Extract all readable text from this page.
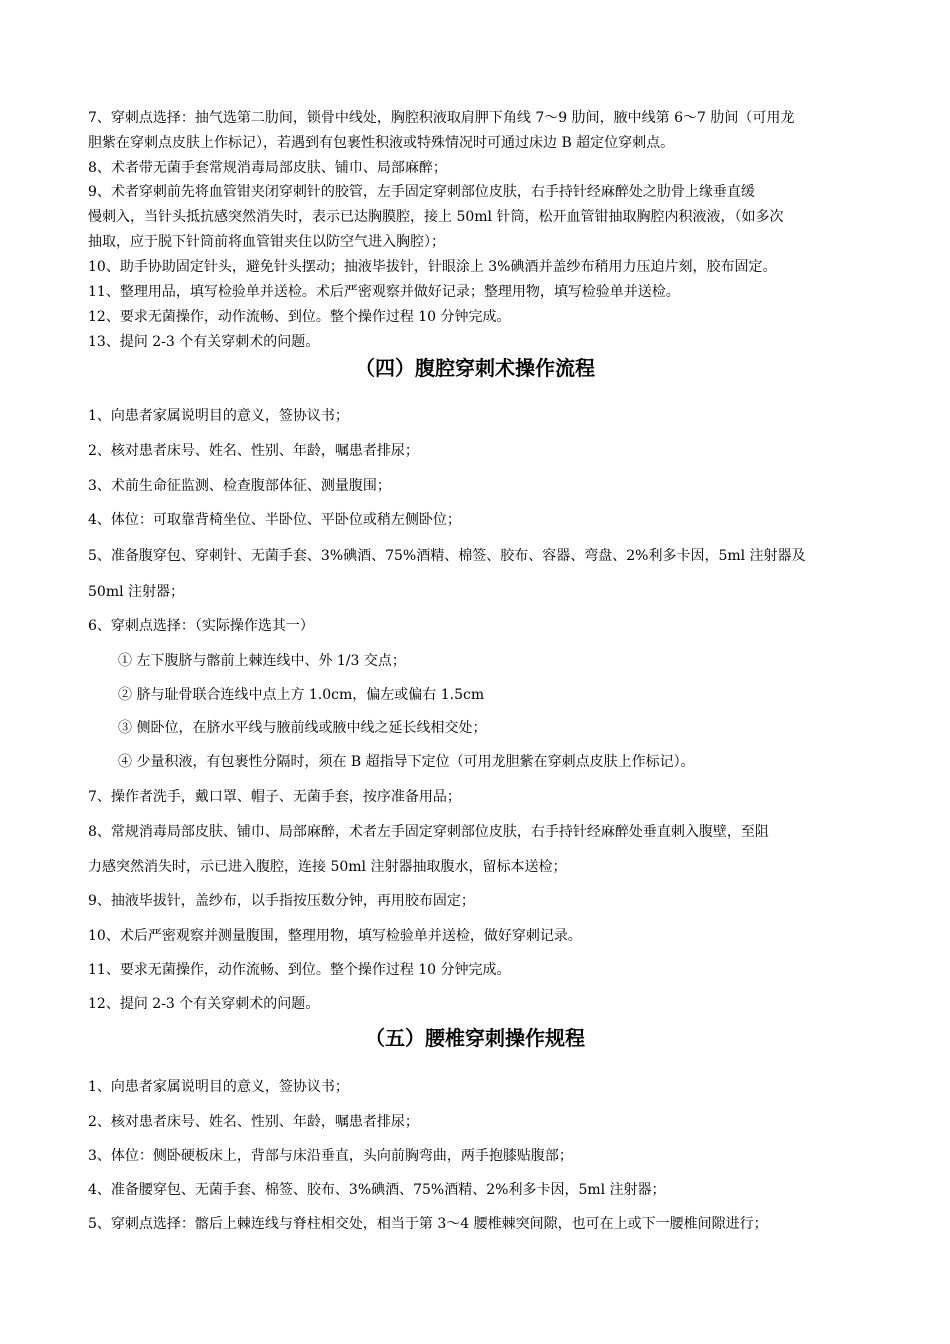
7、穿刺点选择：抽气选第二肋间，锁骨中线处，胸腔积液取肩胛下角线 7～9 肋间，腋中线第 6～7 肋间（可用龙
胆紫在穿刺点皮肤上作标记），若遇到有包裹性积液或特殊情况时可通过床边 B 超定位穿刺点。
8、术者带无菌手套常规消毒局部皮肤、铺巾、局部麻醉；
9、术者穿刺前先将血管钳夹闭穿刺针的胶管，左手固定穿刺部位皮肤，右手持针经麻醉处之肋骨上缘垂直缓
慢刺入，当针头抵抗感突然消失时，表示已达胸膜腔，接上 50ml 针筒，松开血管钳抽取胸腔内积液液，（如多次
抽取，应于脱下针筒前将血管钳夹住以防空气进入胸腔）；
10、助手协助固定针头，避免针头摆动；抽液毕拔针，针眼涂上 3%碘酒并盖纱布稍用力压迫片刻，胶布固定。
11、整理用品，填写检验单并送检。术后严密观察并做好记录；整理用物，填写检验单并送检。
12、要求无菌操作，动作流畅、到位。整个操作过程 10 分钟完成。
13、提问 2-3 个有关穿刺术的问题。
（四）腹腔穿刺术操作流程
1、向患者家属说明目的意义，签协议书；
2、核对患者床号、姓名、性别、年龄，嘱患者排尿；
3、术前生命征监测、检查腹部体征、测量腹围；
4、体位：可取靠背椅坐位、半卧位、平卧位或稍左侧卧位；
5、准备腹穿包、穿刺针、无菌手套、3%碘酒、75%酒精、棉签、胶布、容器、弯盘、2%利多卡因，5ml 注射器及
50ml 注射器；
6、穿刺点选择：（实际操作选其一）
① 左下腹脐与髂前上棘连线中、外 1/3 交点；
② 脐与耻骨联合连线中点上方 1.0cm，偏左或偏右 1.5cm
③ 侧卧位，在脐水平线与腋前线或腋中线之延长线相交处；
④ 少量积液，有包裹性分隔时，须在 B 超指导下定位（可用龙胆紫在穿刺点皮肤上作标记）。
7、操作者洗手，戴口罩、帽子、无菌手套，按序准备用品；
8、常规消毒局部皮肤、铺巾、局部麻醉，术者左手固定穿刺部位皮肤，右手持针经麻醉处垂直刺入腹壁，至阻
力感突然消失时，示已进入腹腔，连接 50ml 注射器抽取腹水，留标本送检；
9、抽液毕拔针，盖纱布，以手指按压数分钟，再用胶布固定；
10、术后严密观察并测量腹围，整理用物，填写检验单并送检，做好穿刺记录。
11、要求无菌操作，动作流畅、到位。整个操作过程 10 分钟完成。
12、提问 2-3 个有关穿刺术的问题。
（五）腰椎穿刺操作规程
1、向患者家属说明目的意义，签协议书；
2、核对患者床号、姓名、性别、年龄，嘱患者排尿；
3、体位：侧卧硬板床上，背部与床沿垂直，头向前胸弯曲，两手抱膝贴腹部；
4、准备腰穿包、无菌手套、棉签、胶布、3%碘酒、75%酒精、2%利多卡因，5ml 注射器；
5、穿刺点选择：髂后上棘连线与脊柱相交处，相当于第 3～4 腰椎棘突间隙，也可在上或下一腰椎间隙进行；
